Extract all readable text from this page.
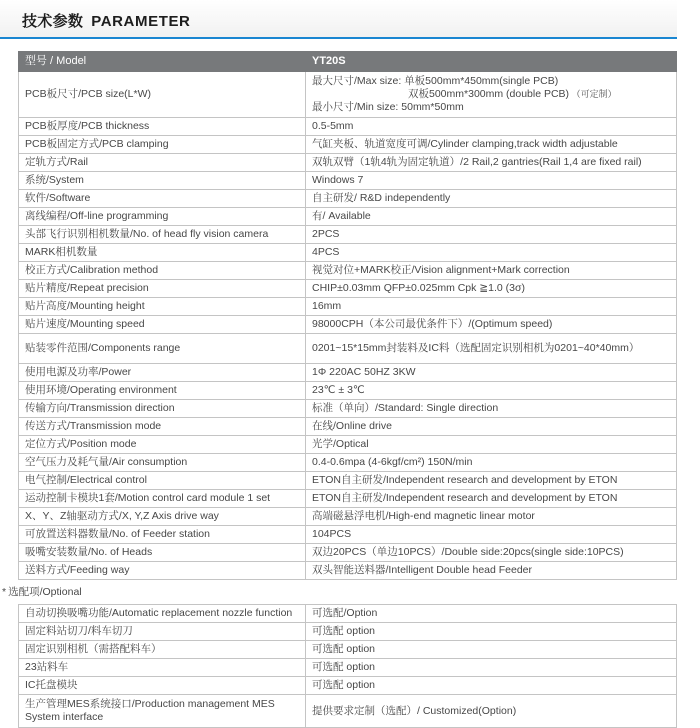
技术参数 PARAMETER
型号 / Model	YT20S
PCB板尺寸/PCB size(L*W)	最大尺寸/Max size: 单板500mm*450mm(single PCB)
双板500mm*300mm (double PCB) （可定制）
最小尺寸/Min size: 50mm*50mm

PCB板厚度/PCB thickness	0.5-5mm
PCB板固定方式/PCB clamping	气缸夹板、轨道宽度可调/Cylinder clamping,track width adjustable
定轨方式/Rail	双轨双臂（1轨4轨为固定轨道）/2 Rail,2 gantries(Rail 1,4 are fixed rail)
系统/System	Windows 7
软件/Software	自主研发/ R&D independently
离线编程/Off-line programming	有/ Available
头部飞行识别相机数量/No. of head fly vision camera	2PCS
MARK相机数量	4PCS
校正方式/Calibration method	视觉对位+MARK校正/Vision alignment+Mark correction
贴片精度/Repeat precision	CHIP±0.03mm QFP±0.025mm Cpk ≧1.0 (3σ)
贴片高度/Mounting height	16mm
贴片速度/Mounting speed	98000CPH（本公司最优条件下）/(Optimum speed)
贴装零件范围/Components range	0201~15*15mm封装料及IC料（选配固定识别相机为0201~40*40mm）
使用电源及功率/Power	1Φ 220AC 50HZ 3KW
使用环境/Operating environment	23℃ ± 3℃
传输方向/Transmission direction	标准（单向）/Standard: Single direction
传送方式/Transmission mode	在线/Online drive
定位方式/Position mode	光学/Optical
空气压力及耗气量/Air consumption	0.4-0.6mpa (4-6kgf/cm²) 150N/min
电气控制/Electrical control	ETON自主研发/Independent research and development by ETON
运动控制卡模块1套/Motion control card module 1 set	ETON自主研发/Independent research and development by ETON
X、Y、Z轴驱动方式/X, Y,Z Axis drive way	高端磁悬浮电机/High-end magnetic linear motor
可放置送料器数量/No. of Feeder station	104PCS
吸嘴安装数量/No. of Heads	双边20PCS（单边10PCS）/Double side:20pcs(single side:10PCS)
送料方式/Feeding way	双头智能送料器/Intelligent Double head Feeder
* 选配项/Optional
自动切换吸嘴功能/Automatic replacement nozzle function	可选配/Option
固定料站切刀/料车切刀	可选配 option
固定识别相机（需搭配料车）	可选配 option
23站料车	可选配 option
IC托盘模块	可选配 option

生产管理MES系统接口/Production management MES
System interface	提供要求定制（选配）/ Customized(Option)
